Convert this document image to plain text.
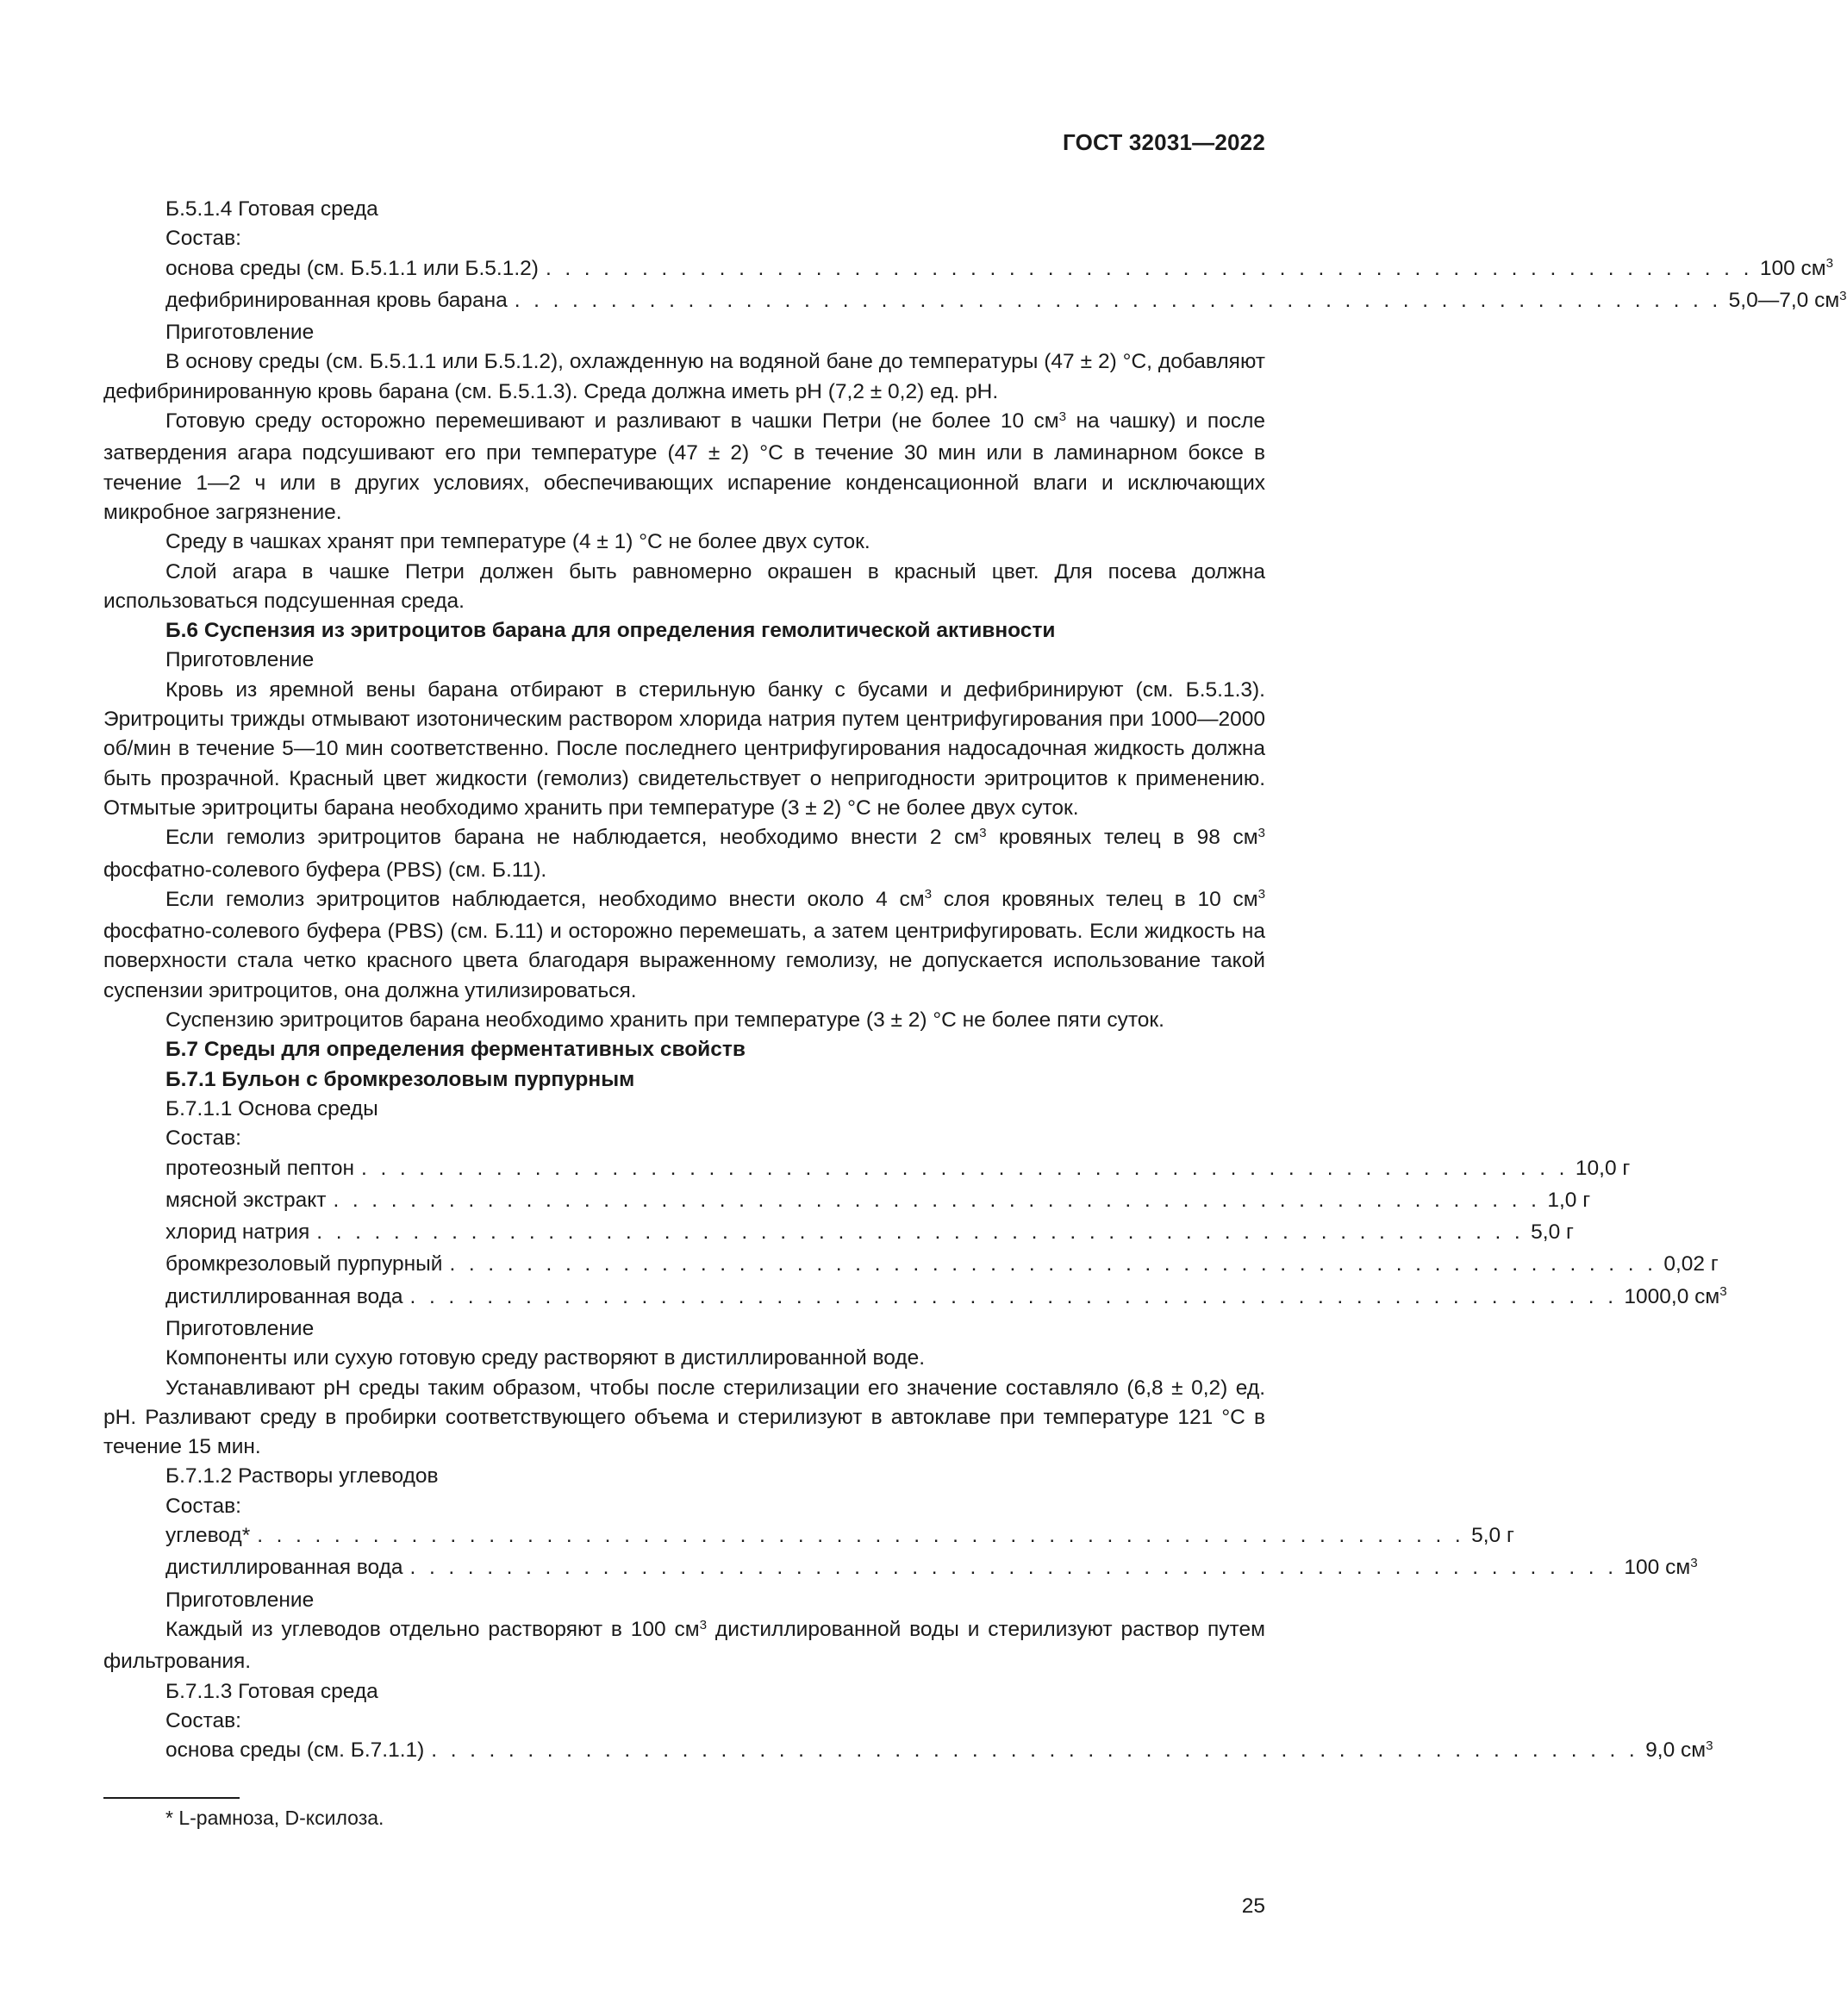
ГОСТ 32031—2022

Б.5.1.4 Готовая среда

Состав:

основа среды (см. Б.5.1.1 или Б.5.1.2) . . . . . . . . . . . . . . . . . . . . . . . . . . . . . . . . . . . . . . . . . . . . . . . . . . . . . . . . . . . . . . . 100 $см^3$
дефибринированная кровь барана . . . . . . . . . . . . . . . . . . . . . . . . . . . . . . . . . . . . . . . . . . . . . . . . . . . . . . . . . . . . . . . 5,0—7,0 $см^3$

Приготовление

В основу среды (см. Б.5.1.1 или Б.5.1.2), охлажденную на водяной бане до температуры (47 ± 2) °С, добавляют дефибринированную кровь барана (см. Б.5.1.3). Среда должна иметь pH (7,2 ± 0,2) ед. pH.

Готовую среду осторожно перемешивают и разливают в чашки Петри (не более 10 $см^3$ на чашку) и после затвердения агара подсушивают его при температуре (47 ± 2) °С в течение 30 мин или в ламинарном боксе в течение 1—2 ч или в других условиях, обеспечивающих испарение конденсационной влаги и исключающих микробное загрязнение.

Среду в чашках хранят при температуре (4 ± 1) °С не более двух суток.

Слой агара в чашке Петри должен быть равномерно окрашен в красный цвет. Для посева должна использоваться подсушенная среда.

Б.6 Суспензия из эритроцитов барана для определения гемолитической активности

Приготовление

Кровь из яремной вены барана отбирают в стерильную банку с бусами и дефибринируют (см. Б.5.1.3). Эритроциты трижды отмывают изотоническим раствором хлорида натрия путем центрифугирования при 1000—2000 об/мин в течение 5—10 мин соответственно. После последнего центрифугирования надосадочная жидкость должна быть прозрачной. Красный цвет жидкости (гемолиз) свидетельствует о непригодности эритроцитов к применению. Отмытые эритроциты барана необходимо хранить при температуре (3 ± 2) °С не более двух суток.

Если гемолиз эритроцитов барана не наблюдается, необходимо внести 2 $см^3$ кровяных телец в 98 $см^3$ фосфатно-солевого буфера (PBS) (см. Б.11).

Если гемолиз эритроцитов наблюдается, необходимо внести около 4 $см^3$ слоя кровяных телец в 10 $см^3$ фосфатно-солевого буфера (PBS) (см. Б.11) и осторожно перемешать, а затем центрифугировать. Если жидкость на поверхности стала четко красного цвета благодаря выраженному гемолизу, не допускается использование такой суспензии эритроцитов, она должна утилизироваться.

Суспензию эритроцитов барана необходимо хранить при температуре (3 ± 2) °С не более пяти суток.

Б.7 Среды для определения ферментативных свойств

Б.7.1 Бульон с бромкрезоловым пурпурным

Б.7.1.1 Основа среды

Состав:

протеозный пептон . . . . . . . . . . . . . . . . . . . . . . . . . . . . . . . . . . . . . . . . . . . . . . . . . . . . . . . . . . . . . . . 10,0 г
мясной экстракт . . . . . . . . . . . . . . . . . . . . . . . . . . . . . . . . . . . . . . . . . . . . . . . . . . . . . . . . . . . . . . . 1,0 г
хлорид натрия . . . . . . . . . . . . . . . . . . . . . . . . . . . . . . . . . . . . . . . . . . . . . . . . . . . . . . . . . . . . . . . 5,0 г
бромкрезоловый пурпурный . . . . . . . . . . . . . . . . . . . . . . . . . . . . . . . . . . . . . . . . . . . . . . . . . . . . . . . . . . . . . . . 0,02 г
дистиллированная вода . . . . . . . . . . . . . . . . . . . . . . . . . . . . . . . . . . . . . . . . . . . . . . . . . . . . . . . . . . . . . . . 1000,0 $см^3$

Приготовление

Компоненты или сухую готовую среду растворяют в дистиллированной воде.

Устанавливают pH среды таким образом, чтобы после стерилизации его значение составляло (6,8 ± 0,2) ед. pH. Разливают среду в пробирки соответствующего объема и стерилизуют в автоклаве при температуре 121 °С в течение 15 мин.

Б.7.1.2 Растворы углеводов

Состав:

углевод* . . . . . . . . . . . . . . . . . . . . . . . . . . . . . . . . . . . . . . . . . . . . . . . . . . . . . . . . . . . . . . . 5,0 г
дистиллированная вода . . . . . . . . . . . . . . . . . . . . . . . . . . . . . . . . . . . . . . . . . . . . . . . . . . . . . . . . . . . . . . . 100 $см^3$

Приготовление

Каждый из углеводов отдельно растворяют в 100 $см^3$ дистиллированной воды и стерилизуют раствор путем фильтрования.

Б.7.1.3 Готовая среда

Состав:

основа среды (см. Б.7.1.1) . . . . . . . . . . . . . . . . . . . . . . . . . . . . . . . . . . . . . . . . . . . . . . . . . . . . . . . . . . . . . . . 9,0 $см^3$
* L-рамноза, D-ксилоза.
25
